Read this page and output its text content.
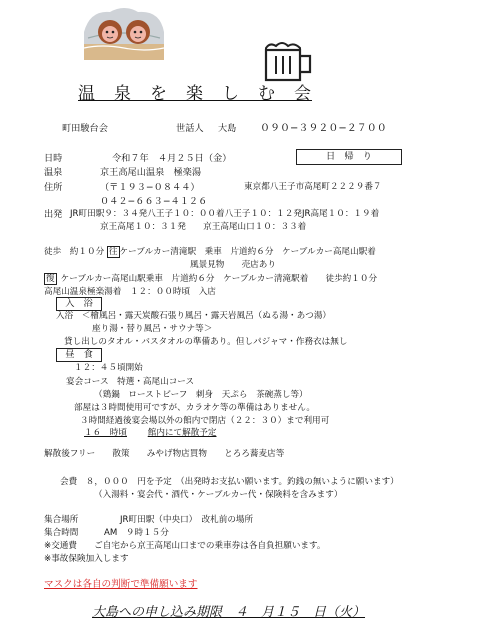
温　泉　を　楽　し　む　会
町田駿台会	世話人 大島 ０９０−３９２０−２７００
日時	令和７年　４月２５日（金）	日　帰　り
温泉	京王高尾山温泉　極楽湯
住所	（〒１９３−０８４４）	東京都八王子市高尾町２２２９番７
０４２−６６３−４１２６
出発 JR町田駅９：３４発八王子１０：００着八王子１０：１２発JR高尾１０：１９着
京王高尾１０：３１発　　京王高尾山口１０：３３着
徒歩　約１０分 往 ケーブルカー清滝駅　乗車　片道約６分　ケーブルカー高尾山駅着
風景見物　　売店あり
復 ケーブルカー高尾山駅乗車　片道約６分　ケーブルカー清滝駅着　　徒歩約１０分
高尾山温泉極楽湯着　１２：００時頃　入店
入　浴
入浴　＜檜風呂・露天炭酸石張り風呂・露天岩風呂（ぬる湯・あつ湯）
座り湯・替り風呂・サウナ等＞
貸し出しのタオル・バスタオルの準備あり。但しパジャマ・作務衣は無し
昼　食
１２：４５頃開始
宴会コース　特選・高尾山コース
（鶏鍋　ローストビーフ　刺身　天ぷら　茶碗蒸し等）
部屋は３時間使用可ですが、カラオケ等の準備はありません。
３時間経過後宴会場以外の館内で閉店（２２：３０）まで利用可
１６　時頃 館内にて解散予定
解散後フリー　　散策　　みやげ物店買物　　とろろ蕎麦店等
会費　８，０００　円を予定　（出発時お支払い願います。釣銭の無いように願います）
（入湯料・宴会代・酒代・ケーブルカー代・保険料を含みます）
集合場所	JR町田駅（中央口）　改札前の場所
集合時間	AM　９時１５分
※交通費　　ご自宅から京王高尾山口までの乗車券は各自負担願います。
※事故保険加入します
マスクは各自の判断で準備願います
大島への申し込み期限　４　月１５　日（火）
